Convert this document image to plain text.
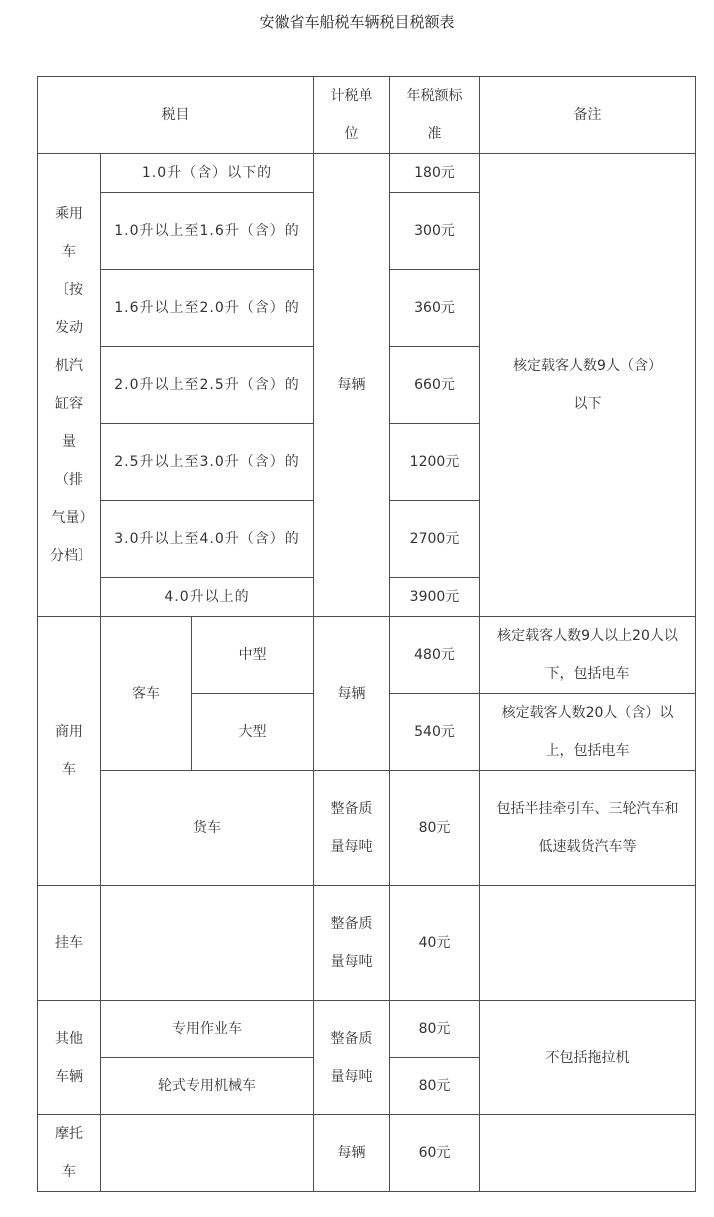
安徽省车船税车辆税目税额表
税目			计税单位	年税额标准	备注
乘用车〔按发动机汽缸容量（排气量）分档〕	1.0升（含）以下的		每辆	180元	核定载客人数9人（含）以下
	1.0升以上至1.6升（含）的			300元	
	1.6升以上至2.0升（含）的			360元	
	2.0升以上至2.5升（含）的			660元	
	2.5升以上至3.0升（含）的			1200元	
	3.0升以上至4.0升（含）的			2700元	
	4.0升以上的			3900元	
商用车	客车	中型	每辆	480元	核定载客人数9人以上20人以下，包括电车
		大型		540元	核定载客人数20人（含）以上，包括电车
	货车		整备质量每吨	80元	包括半挂牵引车、三轮汽车和低速载货汽车等
挂车			整备质量每吨	40元	
其他车辆	专用作业车		整备质量每吨	80元	不包括拖拉机
	轮式专用机械车			80元	
摩托车			每辆	60元	
